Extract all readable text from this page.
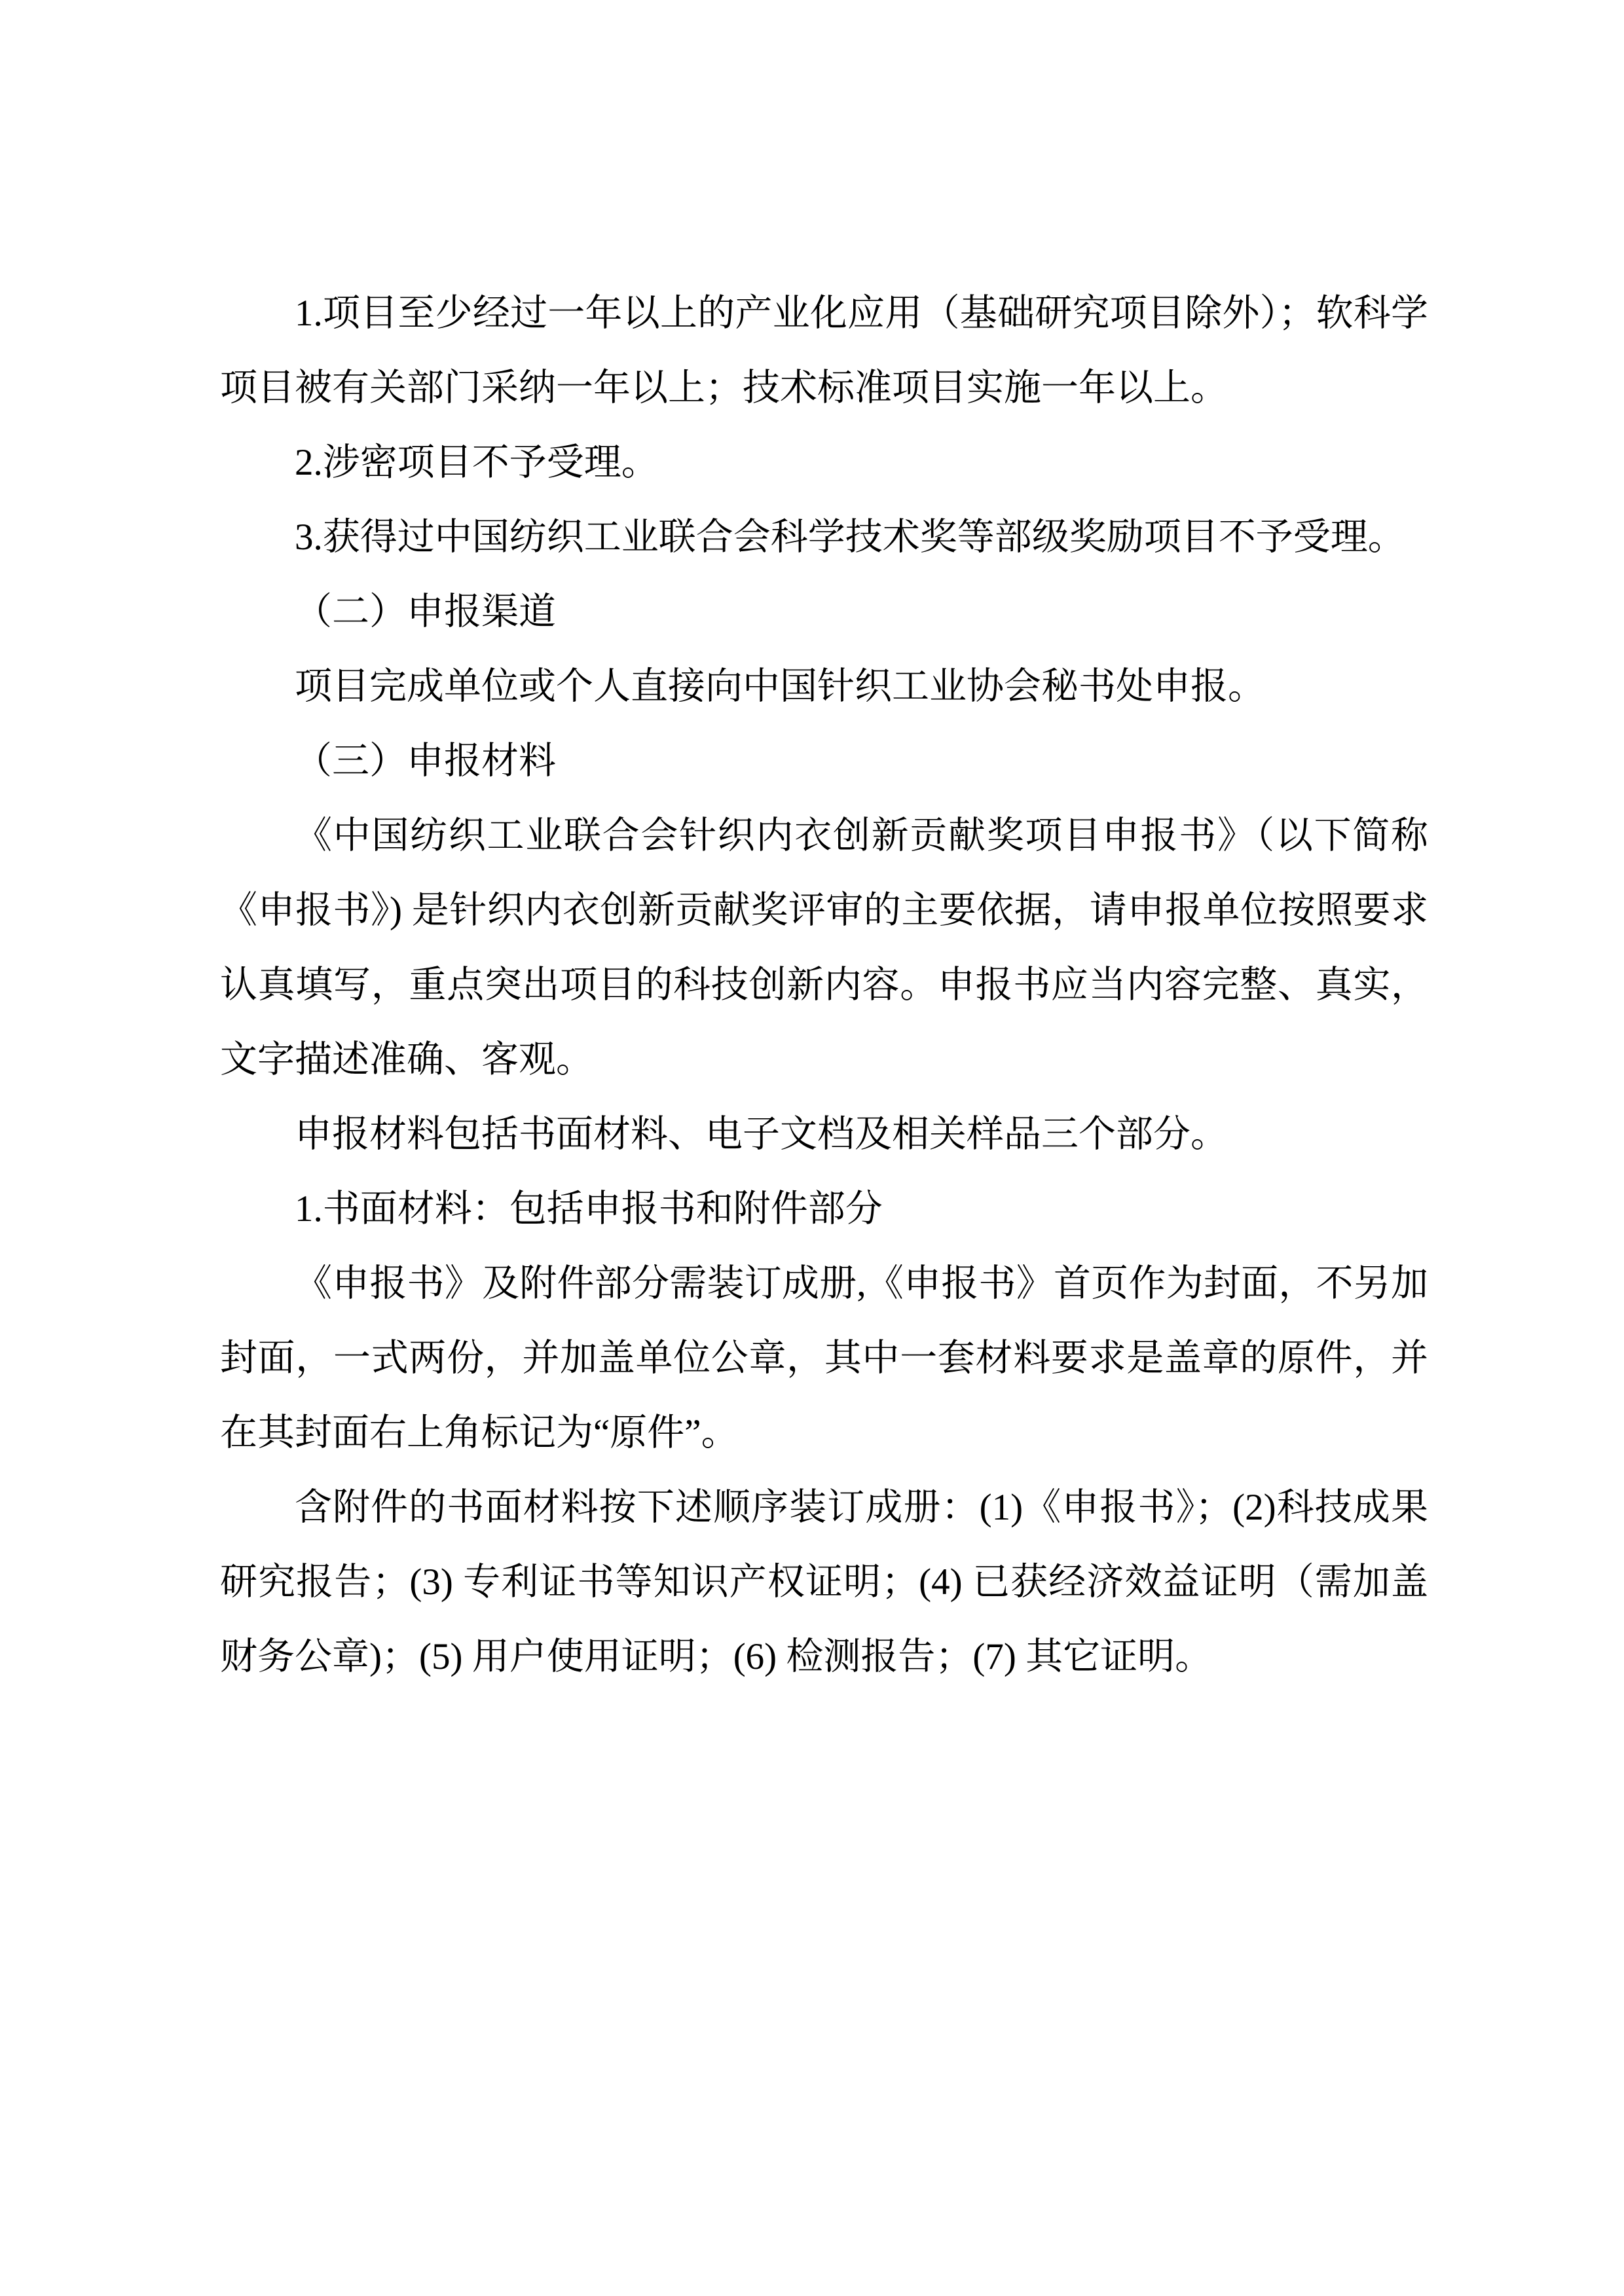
1.项目至少经过一年以上的产业化应用（基础研究项目除外）；软科学项目被有关部门采纳一年以上；技术标准项目实施一年以上。

2.涉密项目不予受理。

3.获得过中国纺织工业联合会科学技术奖等部级奖励项目不予受理。

（二）申报渠道

项目完成单位或个人直接向中国针织工业协会秘书处申报。

（三）申报材料

《中国纺织工业联合会针织内衣创新贡献奖项目申报书》（以下简称《申报书》) 是针织内衣创新贡献奖评审的主要依据，请申报单位按照要求认真填写，重点突出项目的科技创新内容。申报书应当内容完整、真实，文字描述准确、客观。

申报材料包括书面材料、电子文档及相关样品三个部分。

1.书面材料：包括申报书和附件部分

《申报书》及附件部分需装订成册,《申报书》首页作为封面，不另加封面，一式两份，并加盖单位公章，其中一套材料要求是盖章的原件，并在其封面右上角标记为“原件”。

含附件的书面材料按下述顺序装订成册：(1)《申报书》；(2)科技成果研究报告；(3) 专利证书等知识产权证明；(4) 已获经济效益证明（需加盖财务公章)；(5) 用户使用证明；(6) 检测报告；(7) 其它证明。
